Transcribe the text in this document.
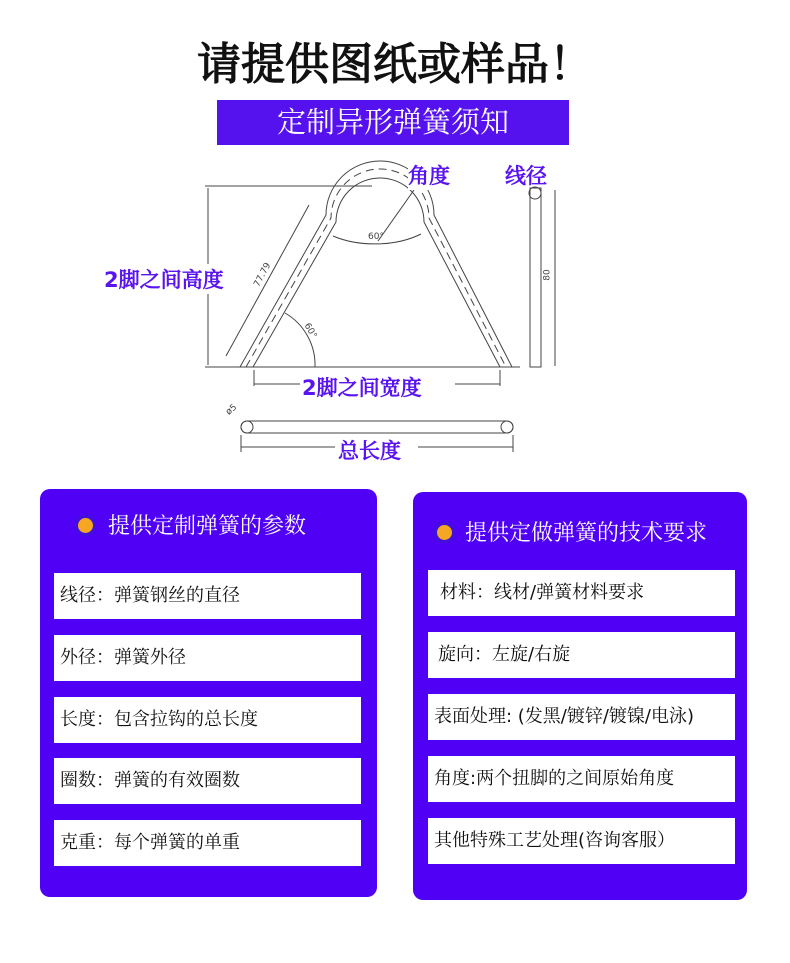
请提供图纸或样品！
定制异形弹簧须知
角度	线径
2脚之间高度
2脚之间宽度
总长度
60°
60°
77.79	80
ø5
提供定制弹簧的参数
线径：弹簧钢丝的直径
外径：弹簧外径
长度：包含拉钩的总长度
圈数：弹簧的有效圈数
克重：每个弹簧的单重
提供定做弹簧的技术要求
材料：线材/弹簧材料要求
旋向：左旋/右旋
表面处理: (发黑/镀锌/镀镍/电泳)
角度:两个扭脚的之间原始角度
其他特殊工艺处理(咨询客服）
